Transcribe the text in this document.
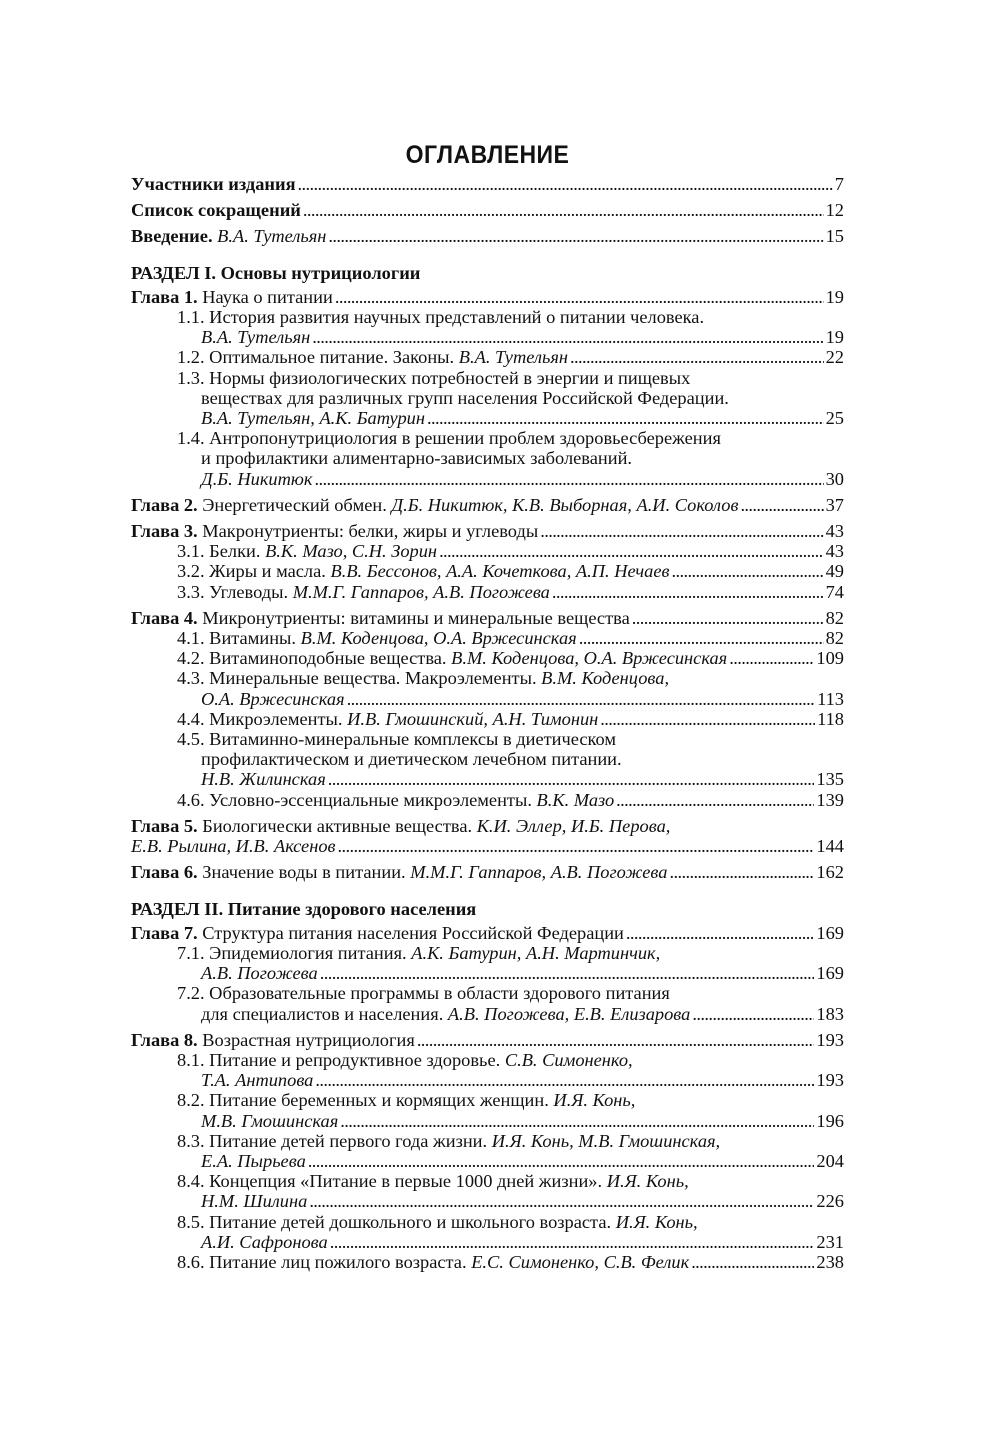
ОГЛАВЛЕНИЕ
Участники издания . . .	7
Список сокращений . . .	12
Введение. В.А. Тутельян . . .	15
РАЗДЕЛ I. Основы нутрициологии
Глава 1. Наука о питании . . .	19
1.1. История развития научных представлений о питании человека.
В.А. Тутельян . . .	19
1.2. Оптимальное питание. Законы. В.А. Тутельян . . .	22
1.3. Нормы физиологических потребностей в энергии и пищевых
веществах для различных групп населения Российской Федерации.
В.А. Тутельян, А.К. Батурин . . .	25
1.4. Антропонутрициология в решении проблем здоровьесбережения
и профилактики алиментарно-зависимых заболеваний.
Д.Б. Никитюк . . .	30
Глава 2. Энергетический обмен. Д.Б. Никитюк, К.В. Выборная, А.И. Соколов . . .	37
Глава 3. Макронутриенты: белки, жиры и углеводы . . .	43
3.1. Белки. В.К. Мазо, С.Н. Зорин . . .	43
3.2. Жиры и масла. В.В. Бессонов, А.А. Кочеткова, А.П. Нечаев . . .	49
3.3. Углеводы. М.М.Г. Гаппаров, А.В. Погожева . . .	74
Глава 4. Микронутриенты: витамины и минеральные вещества . . .	82
4.1. Витамины. В.М. Коденцова, О.А. Вржесинская . . .	82
4.2. Витаминоподобные вещества. В.М. Коденцова, О.А. Вржесинская . . .	109
4.3. Минеральные вещества. Макроэлементы. В.М. Коденцова,
О.А. Вржесинская . . .	113
4.4. Микроэлементы. И.В. Гмошинский, А.Н. Тимонин . . .	118
4.5. Витаминно-минеральные комплексы в диетическом
профилактическом и диетическом лечебном питании.
Н.В. Жилинская . . .	135
4.6. Условно-эссенциальные микроэлементы. В.К. Мазо . . .	139
Глава 5. Биологически активные вещества. К.И. Эллер, И.Б. Перова,
Е.В. Рылина, И.В. Аксенов . . .	144
Глава 6. Значение воды в питании. М.М.Г. Гаппаров, А.В. Погожева . . .	162
РАЗДЕЛ II. Питание здорового населения
Глава 7. Структура питания населения Российской Федерации . . .	169
7.1. Эпидемиология питания. А.К. Батурин, А.Н. Мартинчик,
А.В. Погожева . . .	169
7.2. Образовательные программы в области здорового питания
для специалистов и населения. А.В. Погожева, Е.В. Елизарова . . .	183
Глава 8. Возрастная нутрициология . . .	193
8.1. Питание и репродуктивное здоровье. С.В. Симоненко,
Т.А. Антипова . . .	193
8.2. Питание беременных и кормящих женщин. И.Я. Конь,
М.В. Гмошинская . . .	196
8.3. Питание детей первого года жизни. И.Я. Конь, М.В. Гмошинская,
Е.А. Пырьева . . .	204
8.4. Концепция «Питание в первые 1000 дней жизни». И.Я. Конь,
Н.М. Шилина . . .	226
8.5. Питание детей дошкольного и школьного возраста. И.Я. Конь,
А.И. Сафронова . . .	231
8.6. Питание лиц пожилого возраста. Е.С. Симоненко, С.В. Фелик . . .	238
